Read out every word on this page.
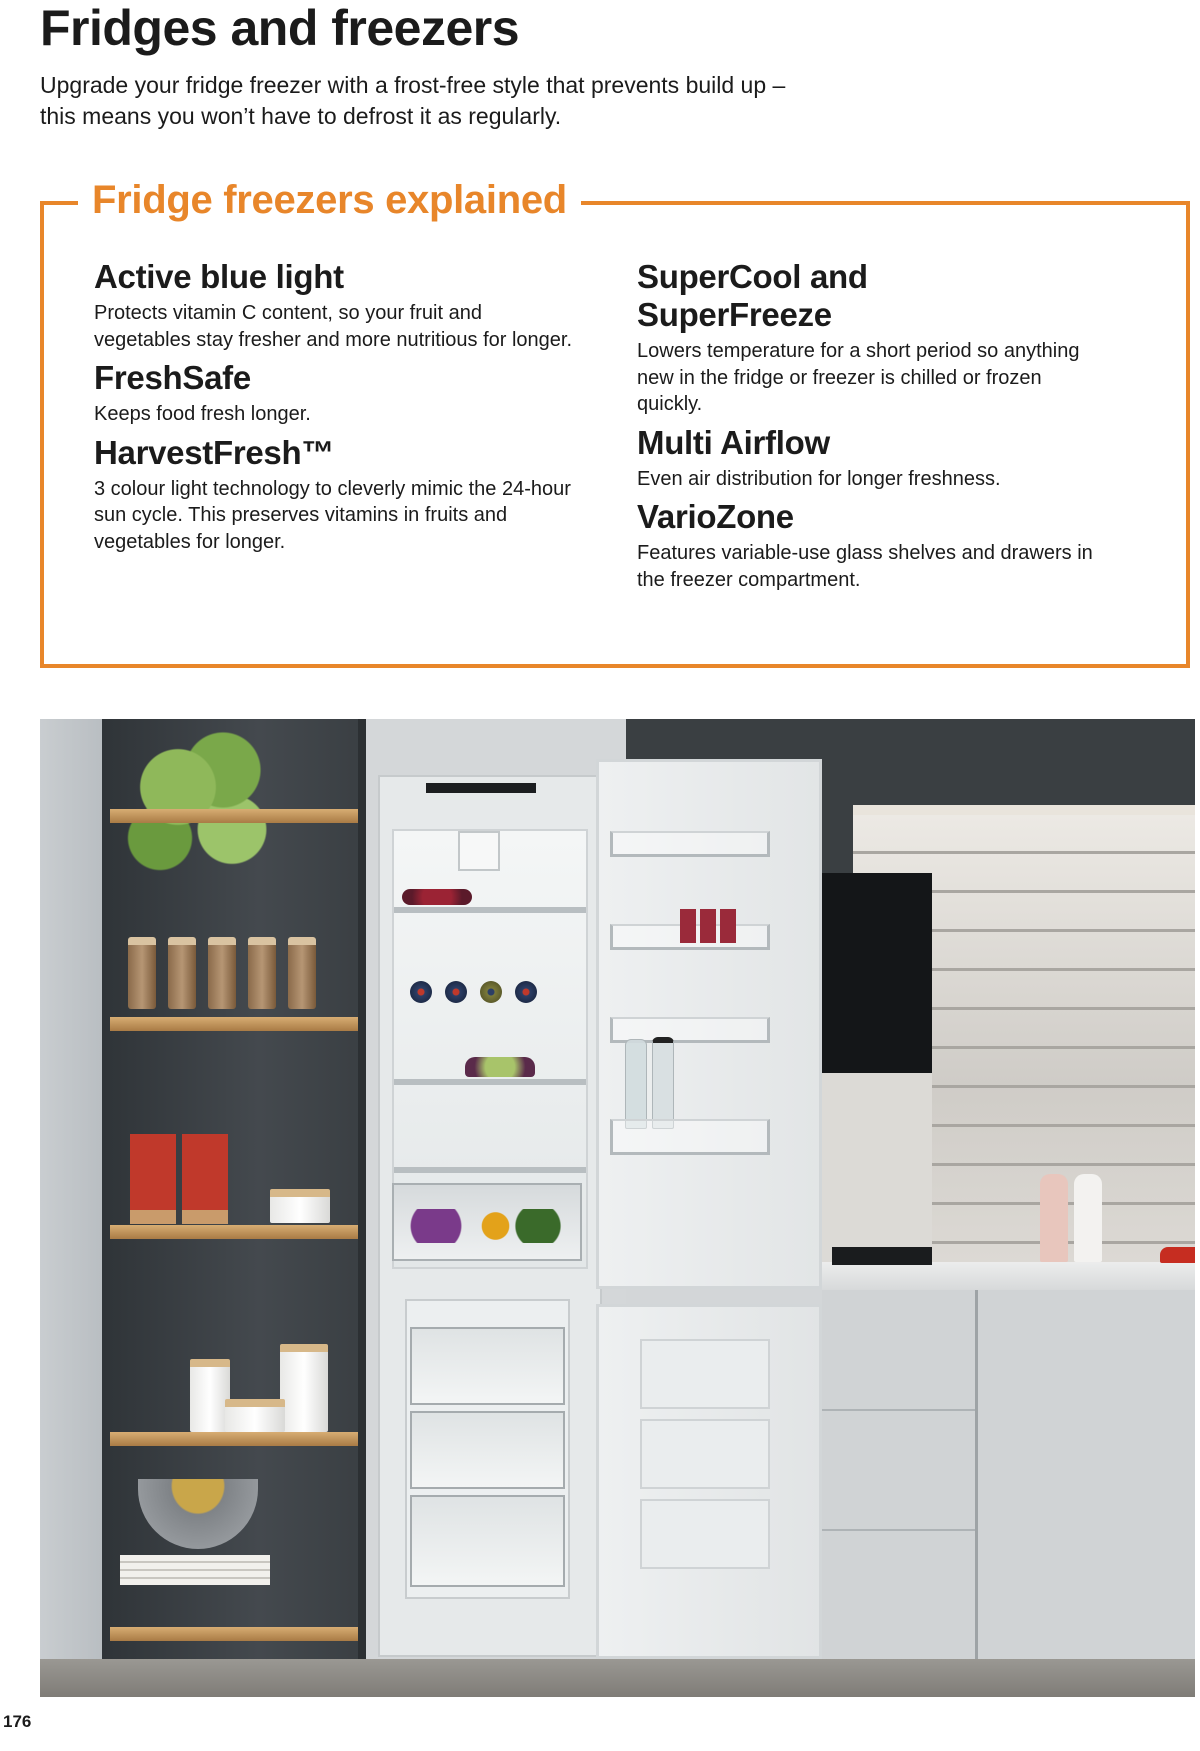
Fridges and freezers

Upgrade your fridge freezer with a frost-free style that prevents build up – this means you won’t have to defrost it as regularly.

Fridge freezers explained
Active blue light

Protects vitamin C content, so your fruit and vegetables stay fresher and more nutritious for longer.

FreshSafe

Keeps food fresh longer.

HarvestFresh™

3 colour light technology to cleverly mimic the 24-hour sun cycle. This preserves vitamins in fruits and vegetables for longer.

SuperCool and SuperFreeze

Lowers temperature for a short period so anything new in the fridge or freezer is chilled or frozen quickly.

Multi Airflow

Even air distribution for longer freshness.

VarioZone

Features variable-use glass shelves and drawers in the freezer compartment.

176
